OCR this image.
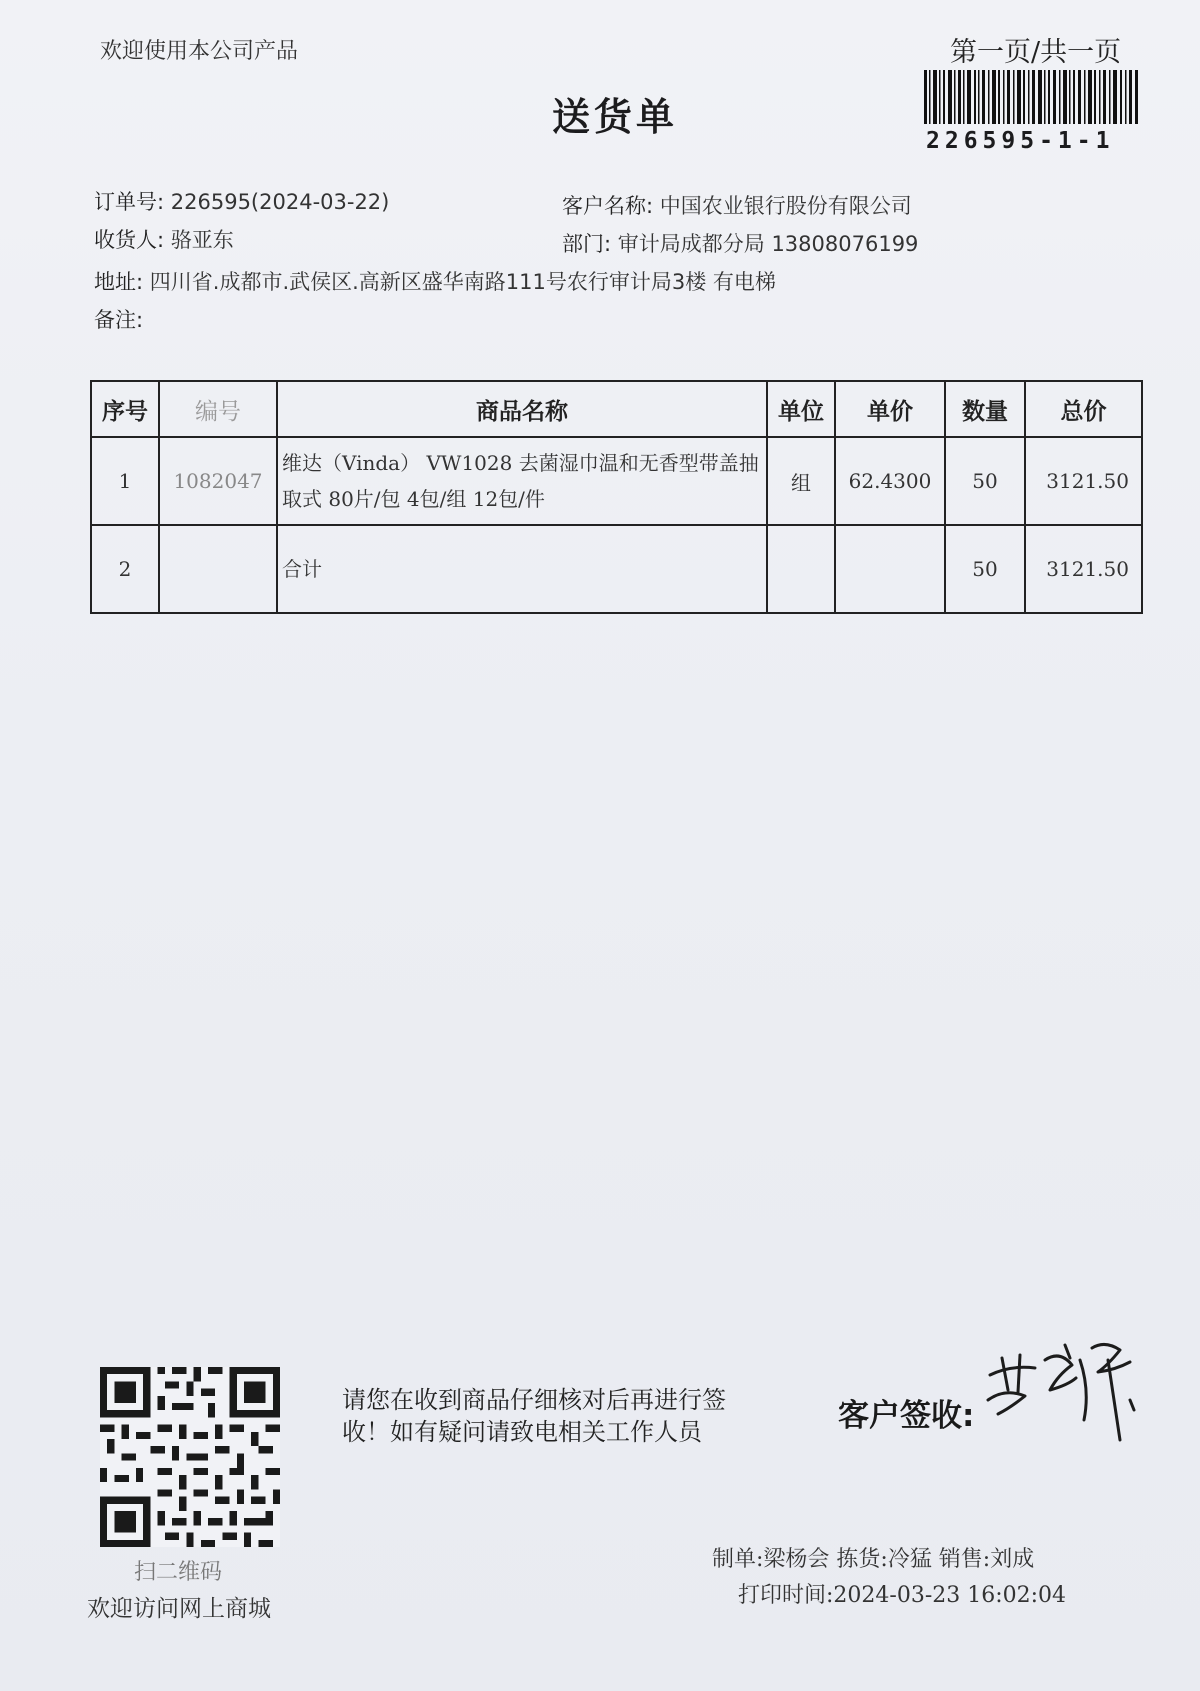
欢迎使用本公司产品	第一页/共一页
送货单
226595-1-1
订单号: 226595(2024-03-22)	客户名称: 中国农业银行股份有限公司
收货人: 骆亚东	部门: 审计局成都分局 13808076199
地址: 四川省.成都市.武侯区.高新区盛华南路111号农行审计局3楼 有电梯
备注:
序号	编号	商品名称	单位	单价	数量	总价
1	1082047	维达（Vinda） VW1028 去菌湿巾温和无香型带盖抽取式 80片/包 4包/组 12包/件	组	62.4300	50	3121.50
2		合计			50	3121.50
扫二维码
欢迎访问网上商城
请您在收到商品仔细核对后再进行签收！如有疑问请致电相关工作人员	客户签收:
制单:梁杨会 拣货:冷猛 销售:刘成
打印时间:2024-03-23 16:02:04
